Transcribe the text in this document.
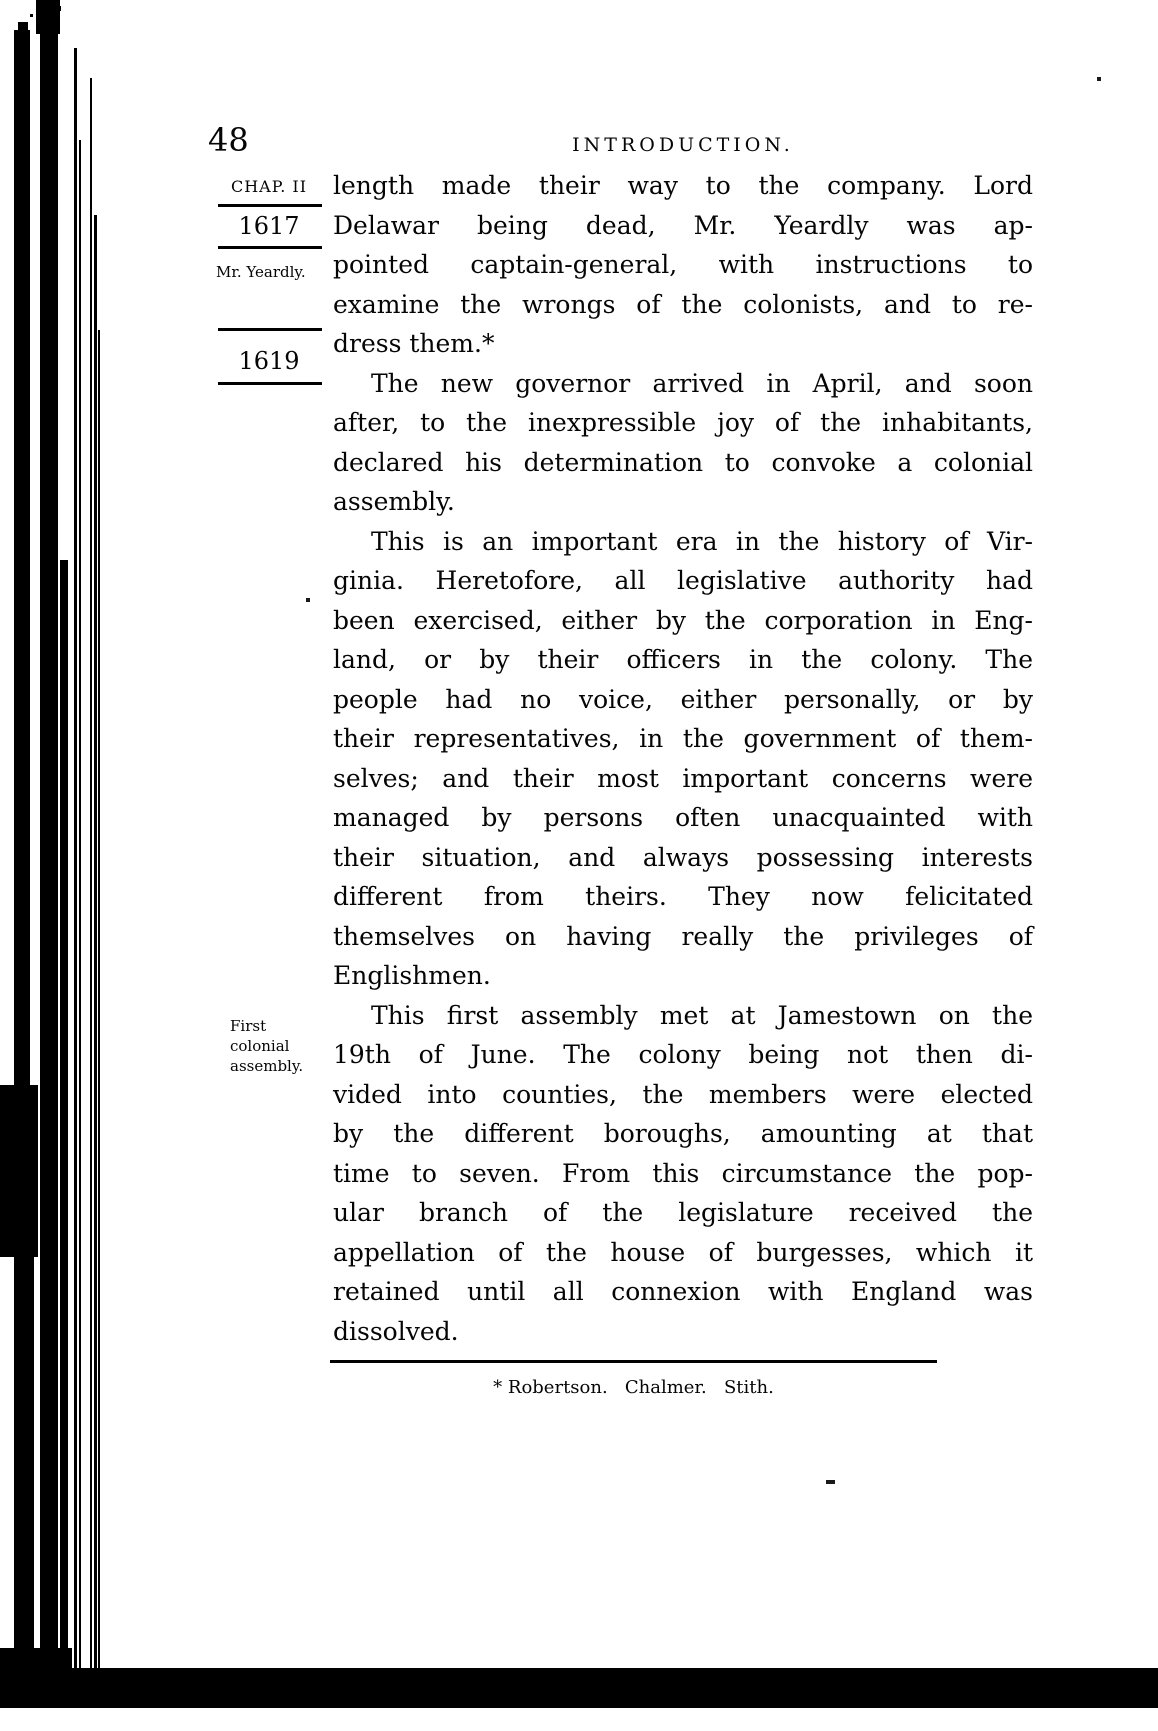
48	INTRODUCTION.
CHAP. II
1617
Mr. Yeardly.
1619
First
colonial
assembly.
length made their way to the company. Lord
Delawar being dead, Mr. Yeardly was ap-
pointed captain-general, with instructions to
examine the wrongs of the colonists, and to re-
dress them.*
The new governor arrived in April, and soon
after, to the inexpressible joy of the inhabitants,
declared his determination to convoke a colonial
assembly.
This is an important era in the history of Vir-
ginia. Heretofore, all legislative authority had
been exercised, either by the corporation in Eng-
land, or by their officers in the colony. The
people had no voice, either personally, or by
their representatives, in the government of them-
selves; and their most important concerns were
managed by persons often unacquainted with
their situation, and always possessing interests
different from theirs. They now felicitated
themselves on having really the privileges of
Englishmen.
This first assembly met at Jamestown on the
19th of June. The colony being not then di-
vided into counties, the members were elected
by the different boroughs, amounting at that
time to seven. From this circumstance the pop-
ular branch of the legislature received the
appellation of the house of burgesses, which it
retained until all connexion with England was
dissolved.
* Robertson.   Chalmer.   Stith.
